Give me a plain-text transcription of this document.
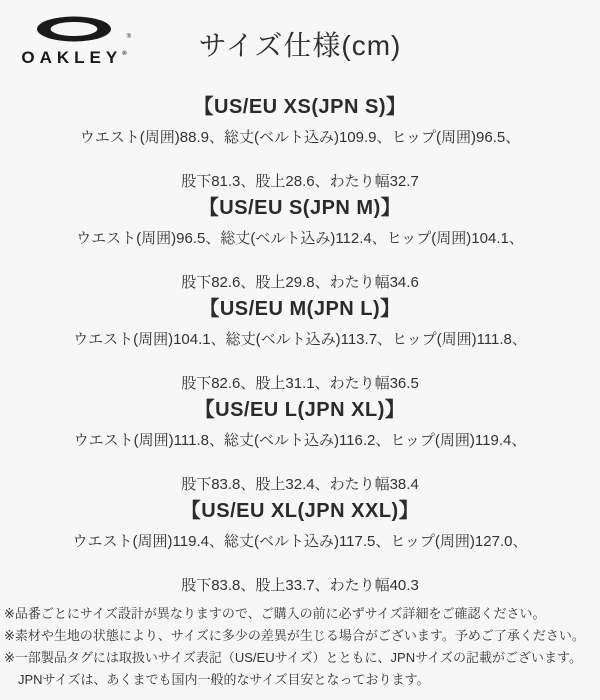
®
OAKLEY®	サイズ仕様(cm)
【US/EU XS(JPN S)】

ウエスト(周囲)88.9、総丈(ベルト込み)109.9、ヒップ(周囲)96.5、

股下81.3、股上28.6、わたり幅32.7

【US/EU S(JPN M)】

ウエスト(周囲)96.5、総丈(ベルト込み)112.4、ヒップ(周囲)104.1、

股下82.6、股上29.8、わたり幅34.6

【US/EU M(JPN L)】

ウエスト(周囲)104.1、総丈(ベルト込み)113.7、ヒップ(周囲)111.8、

股下82.6、股上31.1、わたり幅36.5

【US/EU L(JPN XL)】

ウエスト(周囲)111.8、総丈(ベルト込み)116.2、ヒップ(周囲)119.4、

股下83.8、股上32.4、わたり幅38.4

【US/EU XL(JPN XXL)】

ウエスト(周囲)119.4、総丈(ベルト込み)117.5、ヒップ(周囲)127.0、

股下83.8、股上33.7、わたり幅40.3

※品番ごとにサイズ設計が異なりますので、ご購入の前に必ずサイズ詳細をご確認ください。

※素材や生地の状態により、サイズに多少の差異が生じる場合がございます。予めご了承ください。

※一部製品タグには取扱いサイズ表記（US/EUサイズ）とともに、JPNサイズの記載がございます。

JPNサイズは、あくまでも国内一般的なサイズ目安となっております。
